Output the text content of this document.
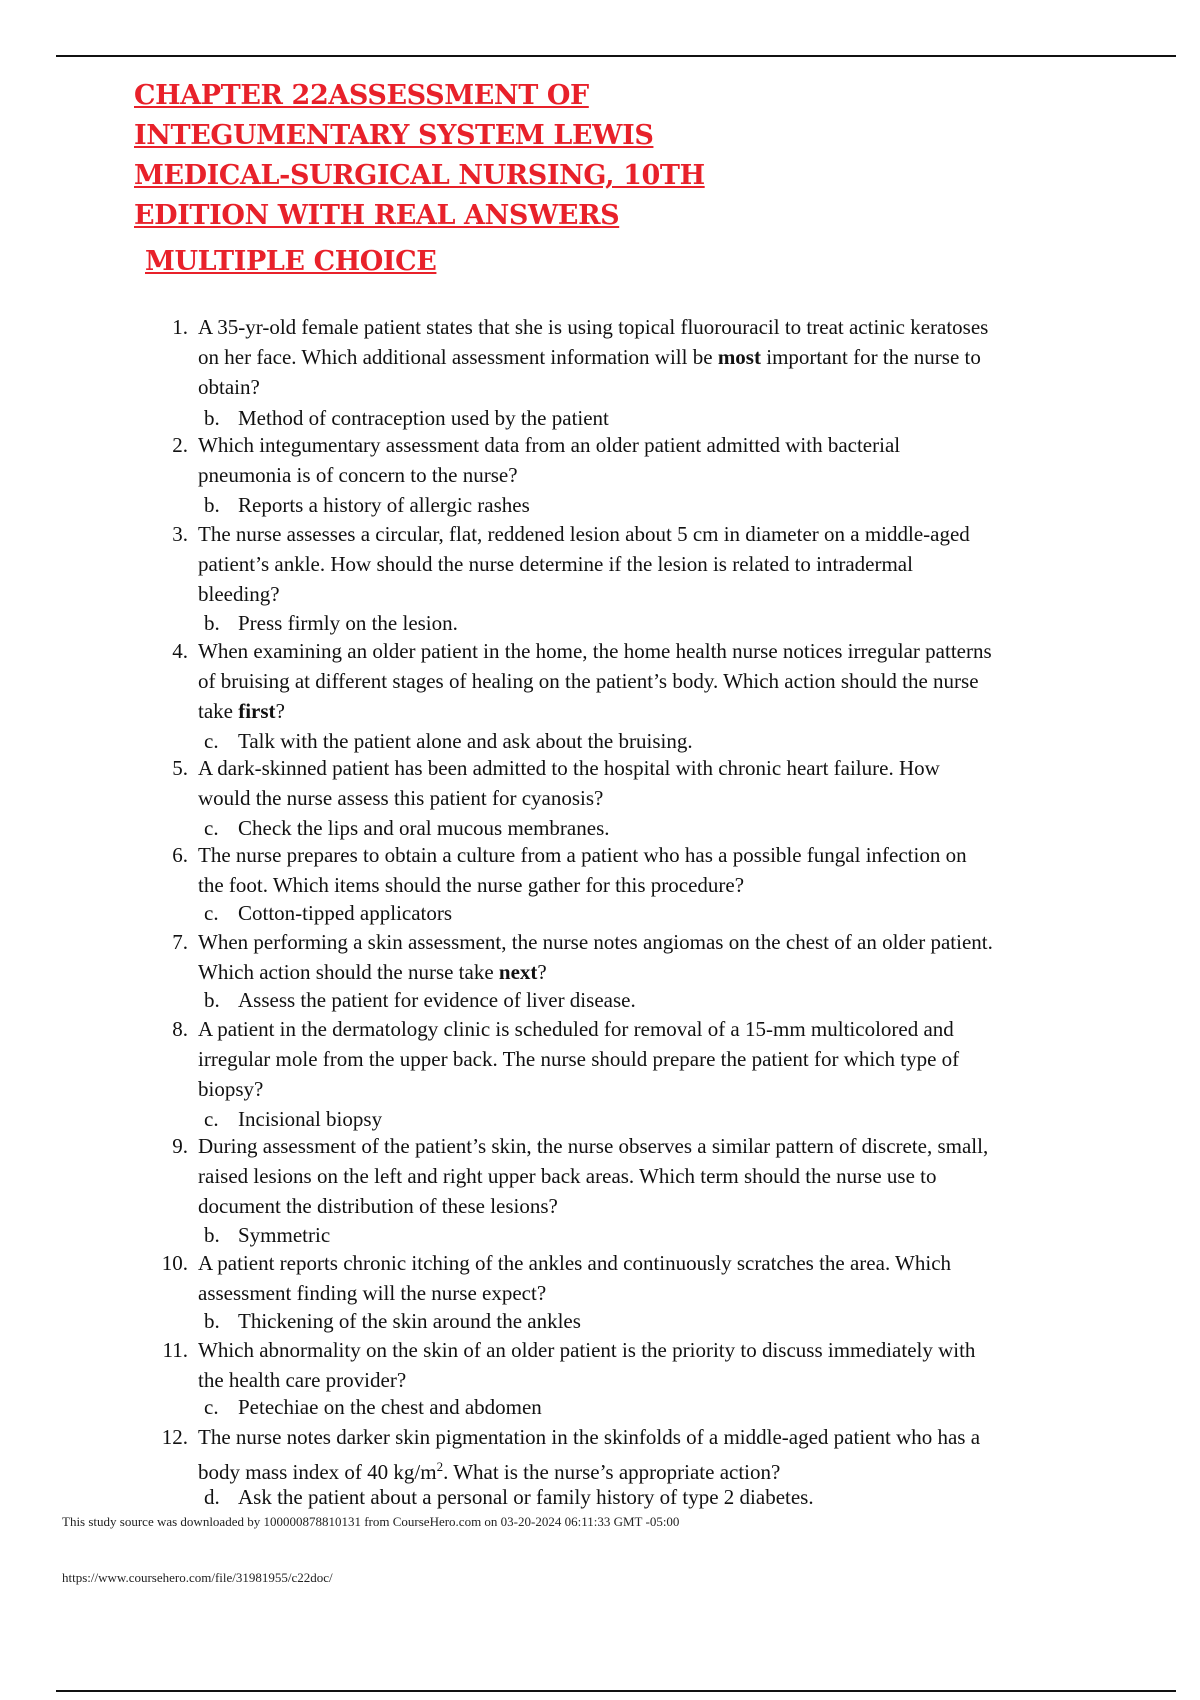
CHAPTER 22ASSESSMENT OF
INTEGUMENTARY SYSTEM LEWIS
MEDICAL-SURGICAL NURSING, 10TH
EDITION WITH REAL ANSWERS
MULTIPLE CHOICE
1. A 35-yr-old female patient states that she is using topical fluorouracil to treat actinic keratoses
on her face. Which additional assessment information will be most important for the nurse to
obtain?
b. Method of contraception used by the patient
2. Which integumentary assessment data from an older patient admitted with bacterial
pneumonia is of concern to the nurse?
b. Reports a history of allergic rashes
3. The nurse assesses a circular, flat, reddened lesion about 5 cm in diameter on a middle-aged
patient’s ankle. How should the nurse determine if the lesion is related to intradermal
bleeding?
b. Press firmly on the lesion.
4. When examining an older patient in the home, the home health nurse notices irregular patterns
of bruising at different stages of healing on the patient’s body. Which action should the nurse
take first?
c. Talk with the patient alone and ask about the bruising.
5. A dark-skinned patient has been admitted to the hospital with chronic heart failure. How
would the nurse assess this patient for cyanosis?
c. Check the lips and oral mucous membranes.
6. The nurse prepares to obtain a culture from a patient who has a possible fungal infection on
the foot. Which items should the nurse gather for this procedure?
c. Cotton-tipped applicators
7. When performing a skin assessment, the nurse notes angiomas on the chest of an older patient.
Which action should the nurse take next?
b. Assess the patient for evidence of liver disease.
8. A patient in the dermatology clinic is scheduled for removal of a 15-mm multicolored and
irregular mole from the upper back. The nurse should prepare the patient for which type of
biopsy?
c. Incisional biopsy
9. During assessment of the patient’s skin, the nurse observes a similar pattern of discrete, small,
raised lesions on the left and right upper back areas. Which term should the nurse use to
document the distribution of these lesions?
b. Symmetric
10. A patient reports chronic itching of the ankles and continuously scratches the area. Which
assessment finding will the nurse expect?
b. Thickening of the skin around the ankles
11. Which abnormality on the skin of an older patient is the priority to discuss immediately with
the health care provider?
c. Petechiae on the chest and abdomen
12. The nurse notes darker skin pigmentation in the skinfolds of a middle-aged patient who has a
body mass index of 40 $kg/m^2$. What is the nurse’s appropriate action?
d. Ask the patient about a personal or family history of type 2 diabetes.
This study source was downloaded by 100000878810131 from CourseHero.com on 03-20-2024 06:11:33 GMT -05:00
https://www.coursehero.com/file/31981955/c22doc/
